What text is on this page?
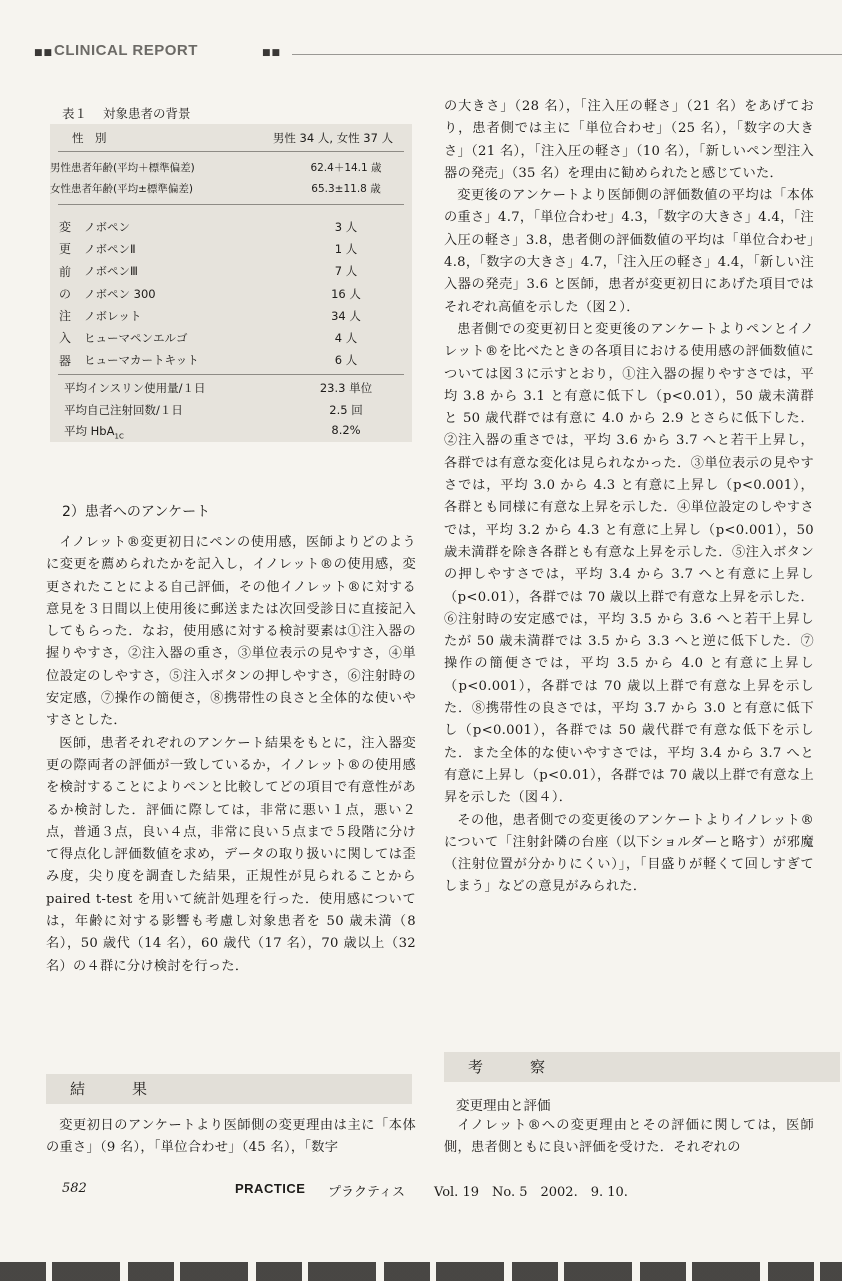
■■ CLINICAL REPORT	■■
表１ 対象患者の背景
性　別	男性 34 人, 女性 37 人
男性患者年齢(平均＋標準偏差)	62.4＋14.1 歳
女性患者年齢(平均±標準偏差)	65.3±11.8 歳
変
更
前
の
注
入
器
ノボペン	3 人
ノボペンⅡ	1 人
ノボペンⅢ	7 人
ノボペン 300	16 人
ノボレット	34 人
ヒューマペンエルゴ	4 人
ヒューマカートキット	6 人
平均インスリン使用量/１日	23.3 単位
平均自己注射回数/１日	2.5 回
平均 HbA$_{1C}$	8.2%
2）患者へのアンケート

イノレット®変更初日にペンの使用感，医師よりどのように変更を薦められたかを記入し，イノレット®の使用感，変更されたことによる自己評価，その他イノレット®に対する意見を３日間以上使用後に郵送または次回受診日に直接記入してもらった．なお，使用感に対する検討要素は①注入器の握りやすさ，②注入器の重さ，③単位表示の見やすさ，④単位設定のしやすさ，⑤注入ボタンの押しやすさ，⑥注射時の安定感，⑦操作の簡便さ，⑧携帯性の良さと全体的な使いやすさとした．

医師，患者それぞれのアンケート結果をもとに，注入器変更の際両者の評価が一致しているか，イノレット®の使用感を検討することによりペンと比較してどの項目で有意性があるか検討した．評価に際しては，非常に悪い１点，悪い２点，普通３点，良い４点，非常に良い５点まで５段階に分けて得点化し評価数値を求め，データの取り扱いに関しては歪み度，尖り度を調査した結果，正規性が見られることから paired t-test を用いて統計処理を行った．使用感については，年齢に対する影響も考慮し対象患者を 50 歳未満（8名），50 歳代（14 名），60 歳代（17 名），70 歳以上（32名）の４群に分け検討を行った．

結　果

変更初日のアンケートより医師側の変更理由は主に「本体の重さ」（9 名），「単位合わせ」（45 名），「数字

の大きさ」（28 名），「注入圧の軽さ」（21 名）をあげており，患者側では主に「単位合わせ」（25 名），「数字の大きさ」（21 名），「注入圧の軽さ」（10 名），「新しいペン型注入器の発売」（35 名）を理由に勧められたと感じていた．

変更後のアンケートより医師側の評価数値の平均は「本体の重さ」4.7，「単位合わせ」4.3，「数字の大きさ」4.4，「注入圧の軽さ」3.8，患者側の評価数値の平均は「単位合わせ」4.8，「数字の大きさ」4.7，「注入圧の軽さ」4.4，「新しい注入器の発売」3.6 と医師，患者が変更初日にあげた項目ではそれぞれ高値を示した（図２）．

患者側での変更初日と変更後のアンケートよりペンとイノレット®を比べたときの各項目における使用感の評価数値については図３に示すとおり，①注入器の握りやすさでは，平均 3.8 から 3.1 と有意に低下し（p<0.01），50 歳未満群と 50 歳代群では有意に 4.0 から 2.9 とさらに低下した．②注入器の重さでは，平均 3.6 から 3.7 へと若干上昇し，各群では有意な変化は見られなかった．③単位表示の見やすさでは，平均 3.0 から 4.3 と有意に上昇し（p<0.001），各群とも同様に有意な上昇を示した．④単位設定のしやすさでは，平均 3.2 から 4.3 と有意に上昇し（p<0.001），50 歳未満群を除き各群とも有意な上昇を示した．⑤注入ボタンの押しやすさでは，平均 3.4 から 3.7 へと有意に上昇し（p<0.01），各群では 70 歳以上群で有意な上昇を示した．⑥注射時の安定感では，平均 3.5 から 3.6 へと若干上昇したが 50 歳未満群では 3.5 から 3.3 へと逆に低下した．⑦操作の簡便さでは，平均 3.5 から 4.0 と有意に上昇し（p<0.001），各群では 70 歳以上群で有意な上昇を示した．⑧携帯性の良さでは，平均 3.7 から 3.0 と有意に低下し（p<0.001），各群では 50 歳代群で有意な低下を示した．また全体的な使いやすさでは，平均 3.4 から 3.7 へと有意に上昇し（p<0.01），各群では 70 歳以上群で有意な上昇を示した（図４）．

その他，患者側での変更後のアンケートよりイノレット®について「注射針隣の台座（以下ショルダーと略す）が邪魔（注射位置が分かりにくい）」，「目盛りが軽くて回しすぎてしまう」などの意見がみられた．

考　察
変更理由と評価

イノレット®への変更理由とその評価に関しては，医師側，患者側ともに良い評価を受けた．それぞれの

582	PRACTICE プラクティス Vol. 19　No. 5　2002.　9. 10.
